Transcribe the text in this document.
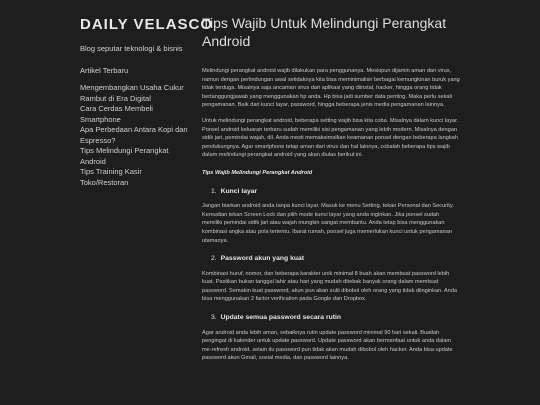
DAILY VELASCO
Blog seputar teknologi & bisnis
Artikel Terbaru
Mengembangkan Usaha Cukur Rambut di Era Digital
Cara Cerdas Membeli Smartphone
Apa Perbedaan Antara Kopi dan Espresso?
Tips Melindungi Perangkat Android
Tips Training Kasir Toko/Restoran
Tips Wajib Untuk Melindungi Perangkat Android

Melindungi perangkat android wajib dilakukan para penggunanya. Meskipun dijamin aman dari virus, namun dengan perlindungan awal setidaknya kita bisa meminimalisir berbagai kemungkinan buruk yang tidak terduga. Misalnya saja ancaman virus dari aplikasi yang diinstal, hacker, hingga orang tidak bertanggungjawab yang menggunakan hp anda. Hp bisa jadi sumber data penting. Maka perlu sekali pengamanan. Baik dari kunci layar, password, hingga beberapa jenis media pengamanan lainnya.

Untuk melindungi perangkat android, beberapa setting wajib bisa kita coba. Misalnya dalam kunci layar. Ponsel android keluaran terbaru sudah memiliki sisi pengamanan yang lebih modern. Misalnya dengan sidik jari, pemindai wajah, dll. Anda mesti memaksimalkan keamanan ponsel dengan beberapa langkah pendukungnya. Agar smartphone tetap aman dari virus dan hal lainnya, cobalah beberapa tips wajib dalam melindungi perangkat android yang akan diulas berikut ini.

Tips Wajib Melindungi Perangkat Android
1. Kunci layar

Jangan biarkan android anda tanpa kunci layar. Masuk ke menu Setting, tekan Personal dan Security. Kemudian tekan Screen Lock dan pilih mode kunci layar yang anda inginkan. Jika ponsel sudah memiliki pemindai sidik jari atau wajah mungkin sangat membantu. Anda tetap bisa menggunakan kombinasi angka atau pola tertentu. Ibarat rumah, ponsel juga memerlukan kunci untuk pengamanan utamanya.

2. Password akun yang kuat

Kombinasi huruf, nomor, dan beberapa karakter unik minimal 8 buah akan membuat password lebih kuat. Pastikan bukan tanggal lahir atau hari yang mudah ditebak banyak orang dalam membuat password. Semakin kuat password, akun pun akan sulit dibobol oleh orang yang tidak diinginkan. Anda bisa menggunakan 2 factor verification pada Google dan Dropbox.

3. Update semua password secara rutin

Agar android anda lebih aman, sebaiknya rutin update password minimal 90 hari sekali. Buatlah pengingat di kalender untuk update password. Update password akan bermanfaat untuk anda dalam me-refresh android. selain itu password pun tidak akan mudah dibobol oleh hacker. Anda bisa update password akun Gmail, sosial media, dan password lainnya.
